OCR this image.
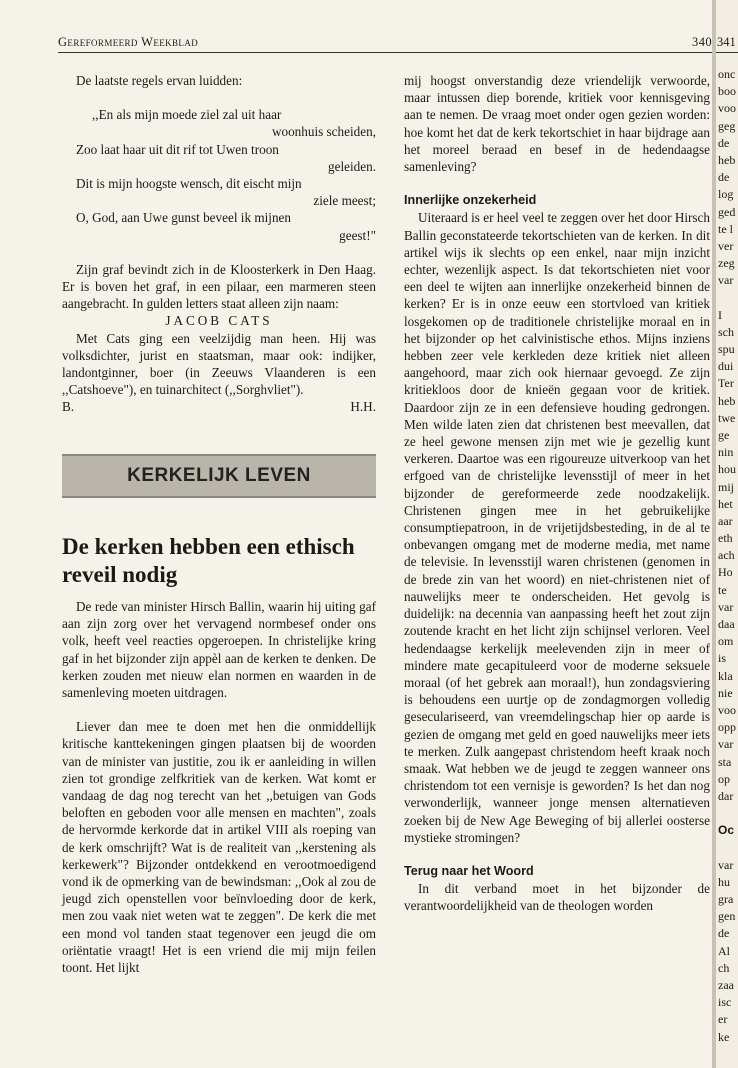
Gereformeerd Weekblad	340

De laatste regels ervan luidden:

,,En als mijn moede ziel zal uit haar
woonhuis scheiden,
Zoo laat haar uit dit rif tot Uwen troon
geleiden.
Dit is mijn hoogste wensch, dit eischt mijn
ziele meest;
O, God, aan Uwe gunst beveel ik mijnen
geest!"

Zijn graf bevindt zich in de Kloosterkerk in Den Haag. Er is boven het graf, in een pilaar, een marmeren steen aangebracht. In gulden letters staat alleen zijn naam:

JACOB CATS

Met Cats ging een veelzijdig man heen. Hij was volksdichter, jurist en staatsman, maar ook: indijker, landontginner, boer (in Zeeuws Vlaanderen is een ,,Catshoeve"), en tuinarchitect (,,Sorghvliet").

B.	H.H.
KERKELIJK LEVEN
De kerken hebben een ethisch reveil nodig

De rede van minister Hirsch Ballin, waarin hij uiting gaf aan zijn zorg over het vervagend normbesef onder ons volk, heeft veel reacties opgeroepen. In christelijke kring gaf in het bijzonder zijn appèl aan de kerken te denken. De kerken zouden met nieuw elan normen en waarden in de samenleving moeten uitdragen.

Liever dan mee te doen met hen die onmiddellijk kritische kanttekeningen gingen plaatsen bij de woorden van de minister van justitie, zou ik er aanleiding in willen zien tot grondige zelfkritiek van de kerken. Wat komt er vandaag de dag nog terecht van het ,,betuigen van Gods beloften en geboden voor alle mensen en machten", zoals de hervormde kerkorde dat in artikel VIII als roeping van de kerk omschrijft? Wat is de realiteit van ,,kerstening als kerkewerk"? Bijzonder ontdekkend en verootmoedigend vond ik de opmerking van de bewindsman: ,,Ook al zou de jeugd zich openstellen voor beïnvloeding door de kerk, men zou vaak niet weten wat te zeggen". De kerk die met een mond vol tanden staat tegenover een jeugd die om oriëntatie vraagt! Het is een vriend die mij mijn feilen toont. Het lijkt

mij hoogst onverstandig deze vriendelijk verwoorde, maar intussen diep borende, kritiek voor kennisgeving aan te nemen. De vraag moet onder ogen gezien worden: hoe komt het dat de kerk tekortschiet in haar bijdrage aan het moreel beraad en besef in de hedendaagse samenleving?

Innerlijke onzekerheid

Uiteraard is er heel veel te zeggen over het door Hirsch Ballin geconstateerde tekortschieten van de kerken. In dit artikel wijs ik slechts op een enkel, naar mijn inzicht echter, wezenlijk aspect. Is dat tekortschieten niet voor een deel te wijten aan innerlijke onzekerheid binnen de kerken? Er is in onze eeuw een stortvloed van kritiek losgekomen op de traditionele christelijke moraal en in het bijzonder op het calvinistische ethos. Mijns inziens hebben zeer vele kerkleden deze kritiek niet alleen aangehoord, maar zich ook hiernaar gevoegd. Ze zijn kritiekloos door de knieën gegaan voor de kritiek. Daardoor zijn ze in een defensieve houding gedrongen. Men wilde laten zien dat christenen best meevallen, dat ze heel gewone mensen zijn met wie je gezellig kunt verkeren. Daartoe was een rigoureuze uitverkoop van het erfgoed van de christelijke levensstijl of meer in het bijzonder de gereformeerde zede noodzakelijk. Christenen gingen mee in het gebruikelijke consumptiepatroon, in de vrijetijdsbesteding, in de al te onbevangen omgang met de moderne media, met name de televisie. In levensstijl waren christenen (genomen in de brede zin van het woord) en niet-christenen niet of nauwelijks meer te onderscheiden. Het gevolg is duidelijk: na decennia van aanpassing heeft het zout zijn zoutende kracht en het licht zijn schijnsel verloren. Veel hedendaagse kerkelijk meelevenden zijn in meer of mindere mate gecapituleerd voor de moderne seksuele moraal (of het gebrek aan moraal!), hun zondagsviering is behoudens een uurtje op de zondagmorgen volledig geseculariseerd, van vreemdelingschap hier op aarde is gezien de omgang met geld en goed nauwelijks meer iets te merken. Zulk aangepast christendom heeft kraak noch smaak. Wat hebben we de jeugd te zeggen wanneer ons christendom tot een vernisje is geworden? Is het dan nog verwonderlijk, wanneer jonge mensen alternatieven zoeken bij de New Age Beweging of bij allerlei oosterse mystieke stromingen?

Terug naar het Woord

In dit verband moet in het bijzonder de verantwoordelijkheid van de theologen worden

341
onc
boo
voo
geg
de
heb
de
log
ged
te l
ver
zeg
var
I
sch
spu
dui
Ter
heb
twe
ge
nin
hou
mij
het
aar
eth
ach
Ho
te
var
daa
om
is
kla
nie
voo
opp
var
sta
op
dar
Oc
var
hu
gra
gen
de
Al
ch
zaa
isc
er
ke
